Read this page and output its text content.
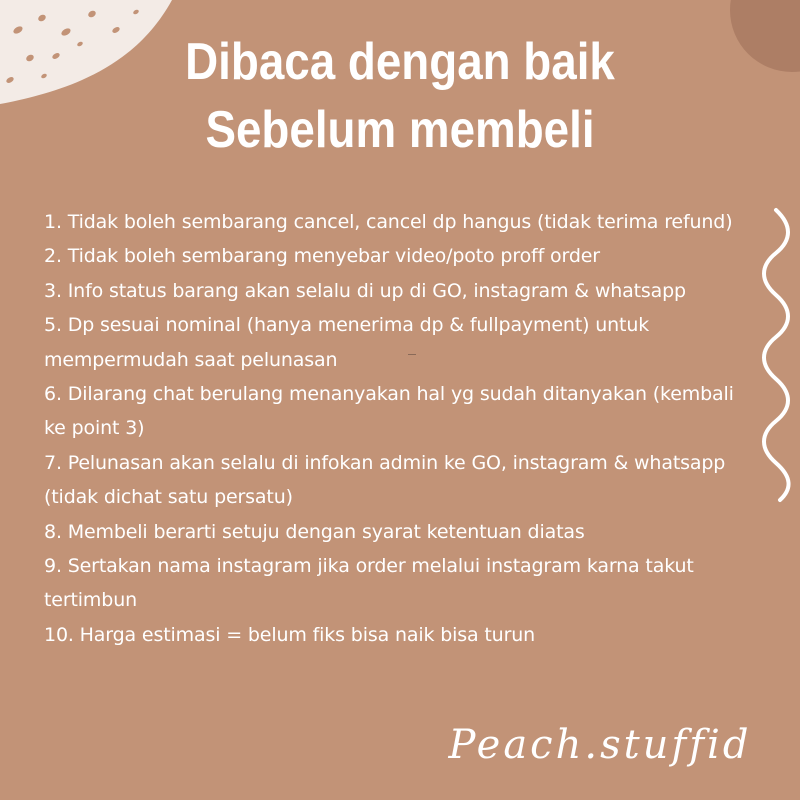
Dibaca dengan baik
Sebelum membeli
1. Tidak boleh sembarang cancel, cancel dp hangus (tidak terima refund)
2. Tidak boleh sembarang menyebar video/poto proff order
3. Info status barang akan selalu di up di GO, instagram & whatsapp
5. Dp sesuai nominal (hanya menerima dp & fullpayment) untuk mempermudah saat pelunasan
6. Dilarang chat berulang menanyakan hal yg sudah ditanyakan (kembali ke point 3)
7. Pelunasan akan selalu di infokan admin ke GO, instagram & whatsapp (tidak dichat satu persatu)
8. Membeli berarti setuju dengan syarat ketentuan diatas
9. Sertakan nama instagram jika order melalui instagram karna takut tertimbun
10. Harga estimasi = belum fiks bisa naik bisa turun
Peach.stuffid
